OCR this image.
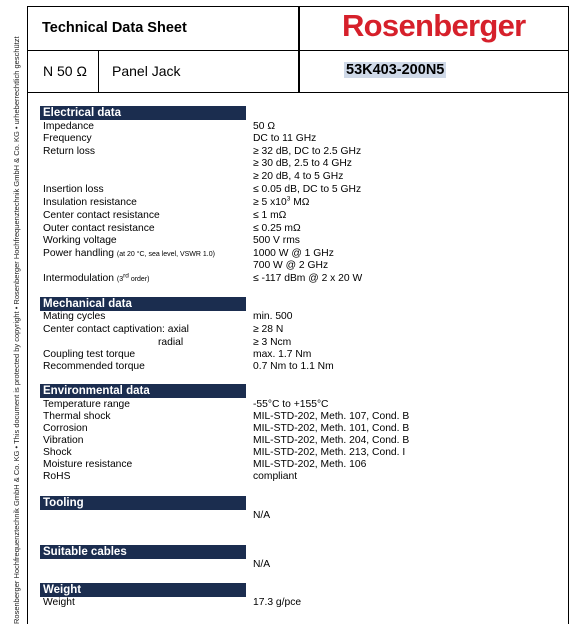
Rosenberger Hochfrequenztechnik GmbH & Co. KG • This document is protected by copyright • Rosenberger Hochfrequenztechnik GmbH & Co. KG • urheberrechtlich geschützt
Technical Data Sheet	Rosenberger
N 50 Ω Panel Jack	53K403-200N5
Electrical data
Impedance	50 Ω
Frequency	DC to 11 GHz
Return loss	≥ 32 dB, DC to 2.5 GHz
≥ 30 dB, 2.5 to 4 GHz
≥ 20 dB, 4 to 5 GHz
Insertion loss	≤ 0.05 dB, DC to 5 GHz
Insulation resistance	≥ 5 $x10^3$ MΩ
Center contact resistance	≤ 1 mΩ
Outer contact resistance	≤ 0.25 mΩ
Working voltage	500 V rms
Power handling (at 20 °C, sea level, VSWR 1.0)	1000 W @ 1 GHz
700 W @ 2 GHz
Intermodulation (3rd order)	≤ -117 dBm @ 2 x 20 W
Mechanical data
Mating cycles	min. 500
Center contact captivation: axial	≥ 28 N
radial	≥ 3 Ncm
Coupling test torque	max. 1.7 Nm
Recommended torque	0.7 Nm to 1.1 Nm
Environmental data
Temperature range	-55°C to +155°C
Thermal shock	MIL-STD-202, Meth. 107, Cond. B
Corrosion	MIL-STD-202, Meth. 101, Cond. B
Vibration	MIL-STD-202, Meth. 204, Cond. B
Shock	MIL-STD-202, Meth. 213, Cond. I
Moisture resistance	MIL-STD-202, Meth. 106
RoHS	compliant
Tooling
N/A
Suitable cables
N/A
Weight
Weight	17.3 g/pce
